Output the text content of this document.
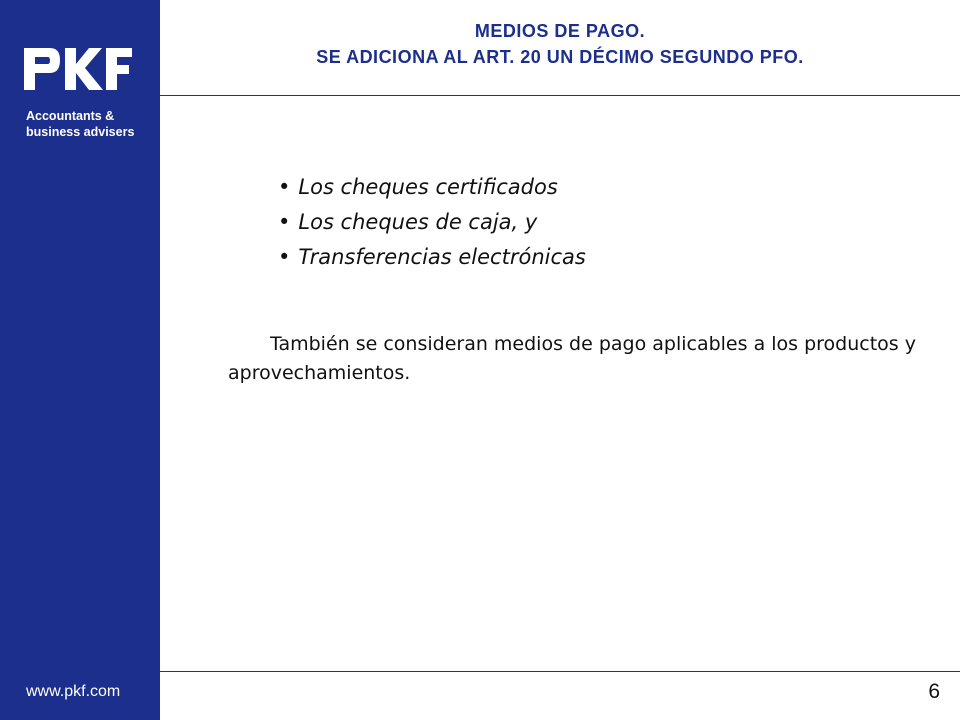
Accountants &
business advisers
www.pkf.com
MEDIOS DE PAGO.
SE ADICIONA AL ART. 20 UN DÉCIMO SEGUNDO PFO.
• Los cheques certificados
• Los cheques de caja, y
• Transferencias electrónicas
También se consideran medios de pago aplicables a los productos y aprovechamientos.
6
